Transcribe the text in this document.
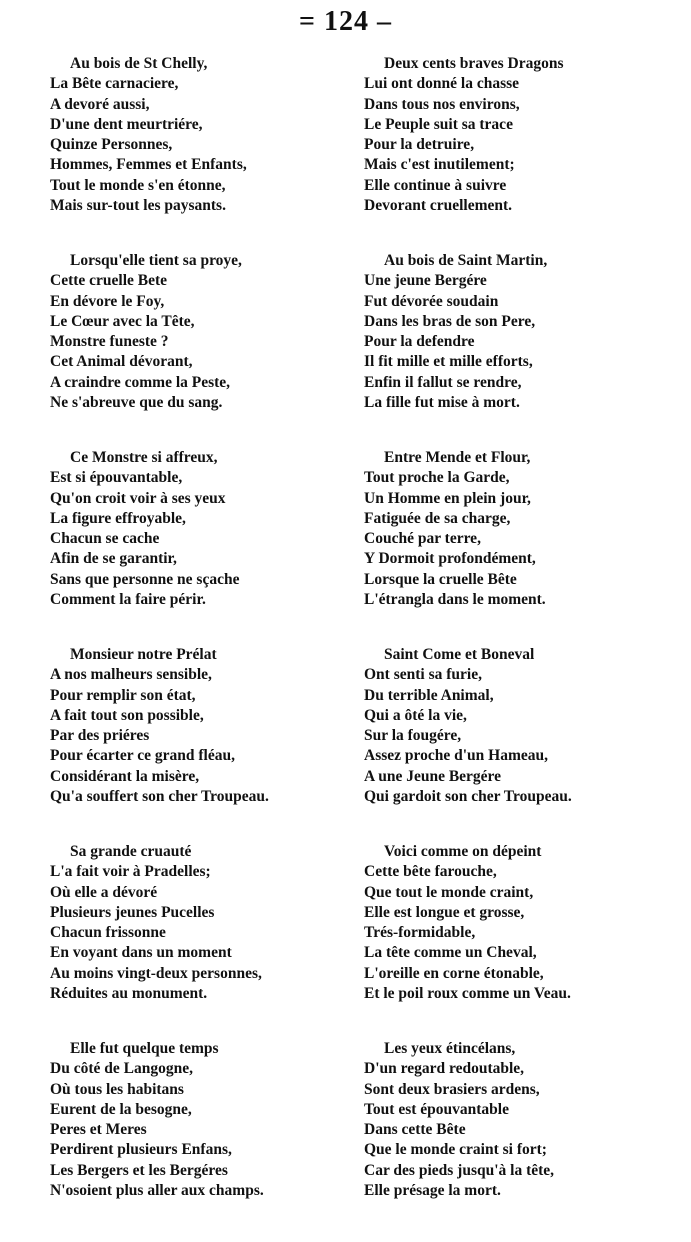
= 124 –
Au bois de St Chelly,
La Bête carnaciere,
A devoré aussi,
D'une dent meurtriére,
Quinze Personnes,
Hommes, Femmes et Enfants,
Tout le monde s'en étonne,
Mais sur-tout les paysants.
Lorsqu'elle tient sa proye,
Cette cruelle Bete
En dévore le Foy,
Le Cœur avec la Tête,
Monstre funeste ?
Cet Animal dévorant,
A craindre comme la Peste,
Ne s'abreuve que du sang.
Ce Monstre si affreux,
Est si épouvantable,
Qu'on croit voir à ses yeux
La figure effroyable,
Chacun se cache
Afin de se garantir,
Sans que personne ne sçache
Comment la faire périr.
Monsieur notre Prélat
A nos malheurs sensible,
Pour remplir son état,
A fait tout son possible,
Par des priéres
Pour écarter ce grand fléau,
Considérant la misère,
Qu'a souffert son cher Troupeau.
Sa grande cruauté
L'a fait voir à Pradelles;
Où elle a dévoré
Plusieurs jeunes Pucelles
Chacun frissonne
En voyant dans un moment
Au moins vingt-deux personnes,
Réduites au monument.
Elle fut quelque temps
Du côté de Langogne,
Où tous les habitans
Eurent de la besogne,
Peres et Meres
Perdirent plusieurs Enfans,
Les Bergers et les Bergéres
N'osoient plus aller aux champs.
Deux cents braves Dragons
Lui ont donné la chasse
Dans tous nos environs,
Le Peuple suit sa trace
Pour la detruire,
Mais c'est inutilement;
Elle continue à suivre
Devorant cruellement.
Au bois de Saint Martin,
Une jeune Bergére
Fut dévorée soudain
Dans les bras de son Pere,
Pour la defendre
Il fit mille et mille efforts,
Enfin il fallut se rendre,
La fille fut mise à mort.
Entre Mende et Flour,
Tout proche la Garde,
Un Homme en plein jour,
Fatiguée de sa charge,
Couché par terre,
Y Dormoit profondément,
Lorsque la cruelle Bête
L'étrangla dans le moment.
Saint Come et Boneval
Ont senti sa furie,
Du terrible Animal,
Qui a ôté la vie,
Sur la fougére,
Assez proche d'un Hameau,
A une Jeune Bergére
Qui gardoit son cher Troupeau.
Voici comme on dépeint
Cette bête farouche,
Que tout le monde craint,
Elle est longue et grosse,
Trés-formidable,
La tête comme un Cheval,
L'oreille en corne étonable,
Et le poil roux comme un Veau.
Les yeux étincélans,
D'un regard redoutable,
Sont deux brasiers ardens,
Tout est épouvantable
Dans cette Bête
Que le monde craint si fort;
Car des pieds jusqu'à la tête,
Elle présage la mort.
